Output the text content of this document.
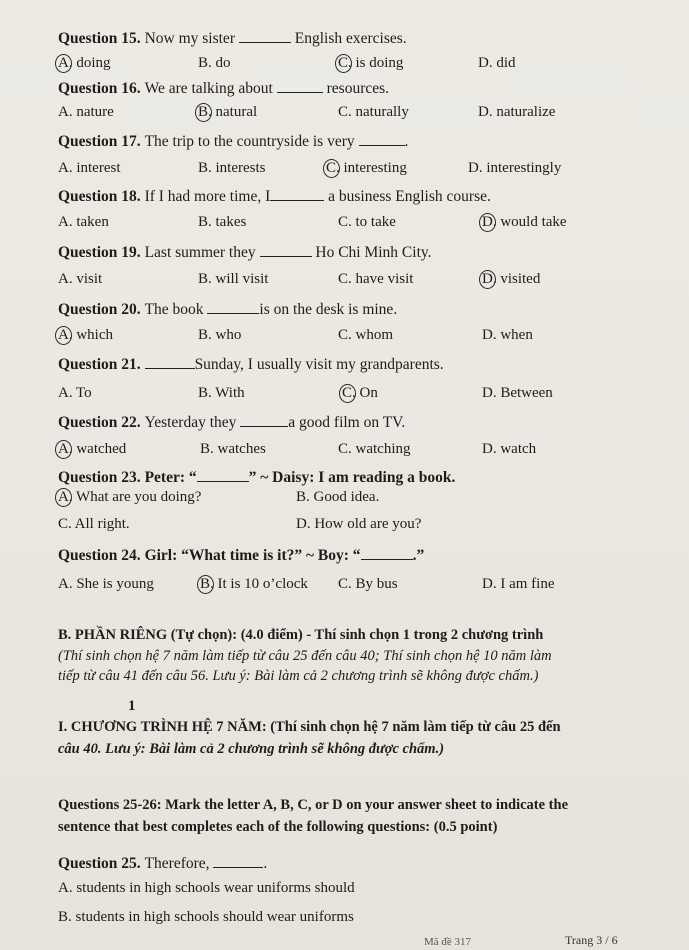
Question 15. Now my sister	English exercises.
A. doing	B. do	C. is doing	D. did
Question 16. We are talking about	resources.
A. nature	B. natural	C. naturally	D. naturalize
Question 17. The trip to the countryside is very	.
A. interest	B. interests	C. interesting	D. interestingly
Question 18. If I had more time, I	a business English course.
A. taken	B. takes	C. to take	D. would take
Question 19. Last summer they	Ho Chi Minh City.
A. visit	B. will visit	C. have visit	D. visited
Question 20. The book	is on the desk is mine.
A. which	B. who	C. whom	D. when
Question 21.	Sunday, I usually visit my grandparents.
A. To	B. With	C. On	D. Between
Question 22. Yesterday they	a good film on TV.
A. watched	B. watches	C. watching	D. watch
Question 23. Peter: “	” ~ Daisy: I am reading a book.
A. What are you doing?	B. Good idea.
C. All right.	D. How old are you?
Question 24. Girl: “What time is it?” ~ Boy: “	.”
A. She is young	B. It is 10 o’clock C. By bus	D. I am fine
B. PHẦN RIÊNG (Tự chọn): (4.0 điểm) - Thí sinh chọn 1 trong 2 chương trình
(Thí sinh chọn hệ 7 năm làm tiếp từ câu 25 đến câu 40; Thí sinh chọn hệ 10 năm làm
tiếp từ câu 41 đến câu 56. Lưu ý: Bài làm cả 2 chương trình sẽ không được chấm.)
1
I. CHƯƠNG TRÌNH HỆ 7 NĂM: (Thí sinh chọn hệ 7 năm làm tiếp từ câu 25 đến
câu 40. Lưu ý: Bài làm cả 2 chương trình sẽ không được chấm.)
Questions 25-26: Mark the letter A, B, C, or D on your answer sheet to indicate the
sentence that best completes each of the following questions: (0.5 point)
Question 25. Therefore,	.
A. students in high schools wear uniforms should
B. students in high schools should wear uniforms
Mã đề 317	Trang 3 / 6
